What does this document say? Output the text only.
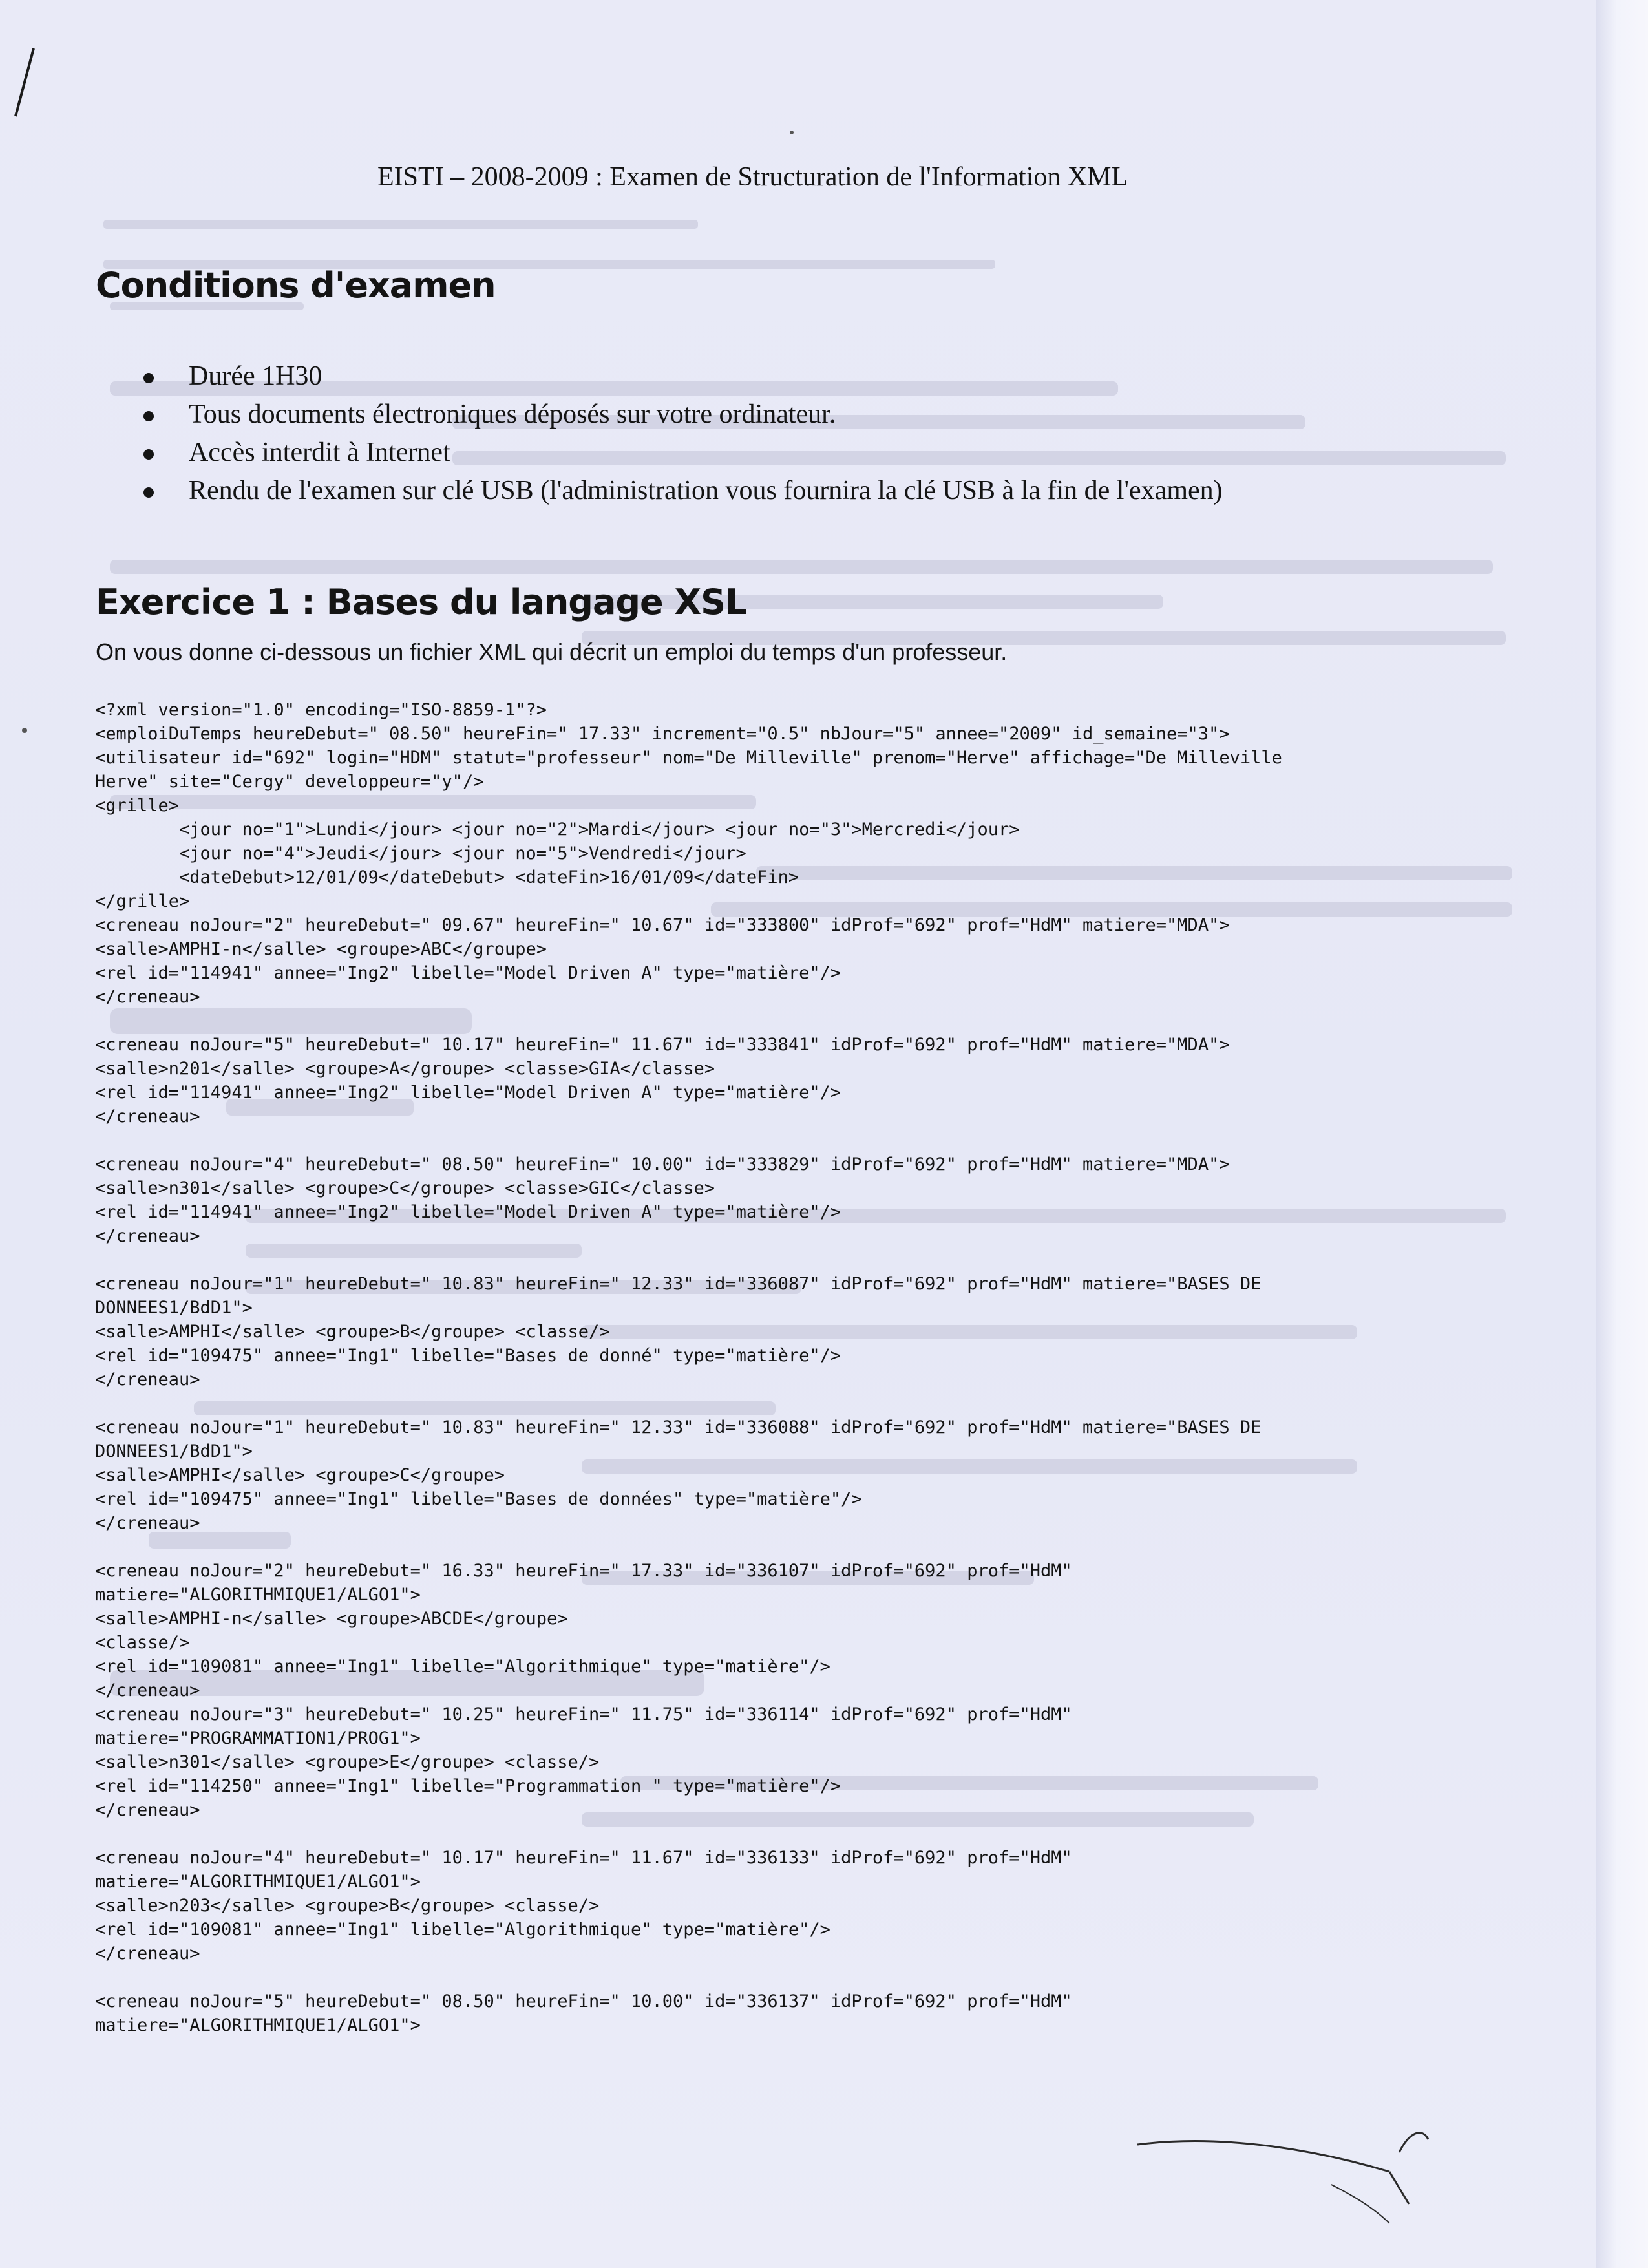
EISTI – 2008-2009 : Examen de Structuration de l'Information XML
Conditions d'examen
Durée 1H30
Tous documents électroniques déposés sur votre ordinateur.
Accès interdit à Internet
Rendu de l'examen sur clé USB (l'administration vous fournira la clé USB à la fin de l'examen)
Exercice 1 : Bases du langage XSL
On vous donne ci-dessous un fichier XML qui décrit un emploi du temps d'un professeur.
<?xml version="1.0" encoding="ISO-8859-1"?>
<emploiDuTemps heureDebut=" 08.50" heureFin=" 17.33" increment="0.5" nbJour="5" annee="2009" id_semaine="3">
<utilisateur id="692" login="HDM" statut="professeur" nom="De Milleville" prenom="Herve" affichage="De Milleville
Herve" site="Cergy" developpeur="y"/>
<grille>
<jour no="1">Lundi</jour> <jour no="2">Mardi</jour> <jour no="3">Mercredi</jour>
<jour no="4">Jeudi</jour> <jour no="5">Vendredi</jour>
<dateDebut>12/01/09</dateDebut> <dateFin>16/01/09</dateFin>
</grille>
<creneau noJour="2" heureDebut=" 09.67" heureFin=" 10.67" id="333800" idProf="692" prof="HdM" matiere="MDA">
<salle>AMPHI-n</salle> <groupe>ABC</groupe>
<rel id="114941" annee="Ing2" libelle="Model Driven A" type="matière"/>
</creneau>
<creneau noJour="5" heureDebut=" 10.17" heureFin=" 11.67" id="333841" idProf="692" prof="HdM" matiere="MDA">
<salle>n201</salle> <groupe>A</groupe> <classe>GIA</classe>
<rel id="114941" annee="Ing2" libelle="Model Driven A" type="matière"/>
</creneau>
<creneau noJour="4" heureDebut=" 08.50" heureFin=" 10.00" id="333829" idProf="692" prof="HdM" matiere="MDA">
<salle>n301</salle> <groupe>C</groupe> <classe>GIC</classe>
<rel id="114941" annee="Ing2" libelle="Model Driven A" type="matière"/>
</creneau>
<creneau noJour="1" heureDebut=" 10.83" heureFin=" 12.33" id="336087" idProf="692" prof="HdM" matiere="BASES DE
DONNEES1/BdD1">
<salle>AMPHI</salle> <groupe>B</groupe> <classe/>
<rel id="109475" annee="Ing1" libelle="Bases de donné" type="matière"/>
</creneau>
<creneau noJour="1" heureDebut=" 10.83" heureFin=" 12.33" id="336088" idProf="692" prof="HdM" matiere="BASES DE
DONNEES1/BdD1">
<salle>AMPHI</salle> <groupe>C</groupe>
<rel id="109475" annee="Ing1" libelle="Bases de données" type="matière"/>
</creneau>
<creneau noJour="2" heureDebut=" 16.33" heureFin=" 17.33" id="336107" idProf="692" prof="HdM"
matiere="ALGORITHMIQUE1/ALGO1">
<salle>AMPHI-n</salle> <groupe>ABCDE</groupe>
<classe/>
<rel id="109081" annee="Ing1" libelle="Algorithmique" type="matière"/>
</creneau>
<creneau noJour="3" heureDebut=" 10.25" heureFin=" 11.75" id="336114" idProf="692" prof="HdM"
matiere="PROGRAMMATION1/PROG1">
<salle>n301</salle> <groupe>E</groupe> <classe/>
<rel id="114250" annee="Ing1" libelle="Programmation " type="matière"/>
</creneau>
<creneau noJour="4" heureDebut=" 10.17" heureFin=" 11.67" id="336133" idProf="692" prof="HdM"
matiere="ALGORITHMIQUE1/ALGO1">
<salle>n203</salle> <groupe>B</groupe> <classe/>
<rel id="109081" annee="Ing1" libelle="Algorithmique" type="matière"/>
</creneau>
<creneau noJour="5" heureDebut=" 08.50" heureFin=" 10.00" id="336137" idProf="692" prof="HdM"
matiere="ALGORITHMIQUE1/ALGO1">
